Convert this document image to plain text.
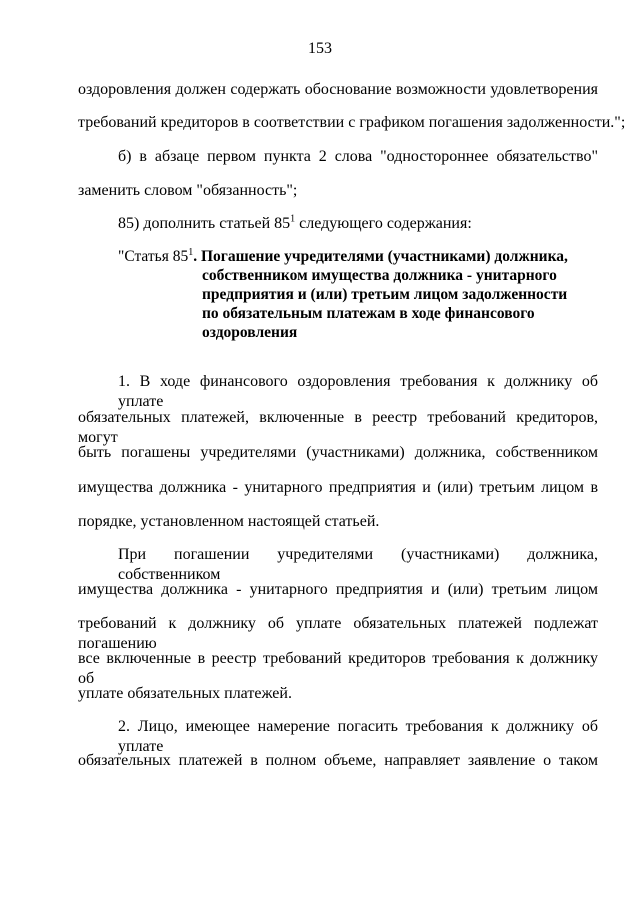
153
оздоровления должен содержать обоснование возможности удовлетворения
требований кредиторов в соответствии с графиком погашения задолженности.";
б) в абзаце первом пункта 2 слова "одностороннее обязательство"
заменить словом "обязанность";
85) дополнить статьей $85^1$ следующего содержания:
"Статья $85^1$. Погашение учредителями (участниками) должника,
собственником имущества должника - унитарного
предприятия и (или) третьим лицом задолженности
по обязательным платежам в ходе финансового
оздоровления
1. В ходе финансового оздоровления требования к должнику об уплате
обязательных платежей, включенные в реестр требований кредиторов, могут
быть погашены учредителями (участниками) должника, собственником
имущества должника - унитарного предприятия и (или) третьим лицом в
порядке, установленном настоящей статьей.
При погашении учредителями (участниками) должника, собственником
имущества должника - унитарного предприятия и (или) третьим лицом
требований к должнику об уплате обязательных платежей подлежат погашению
все включенные в реестр требований кредиторов требования к должнику об
уплате обязательных платежей.
2. Лицо, имеющее намерение погасить требования к должнику об уплате
обязательных платежей в полном объеме, направляет заявление о таком
